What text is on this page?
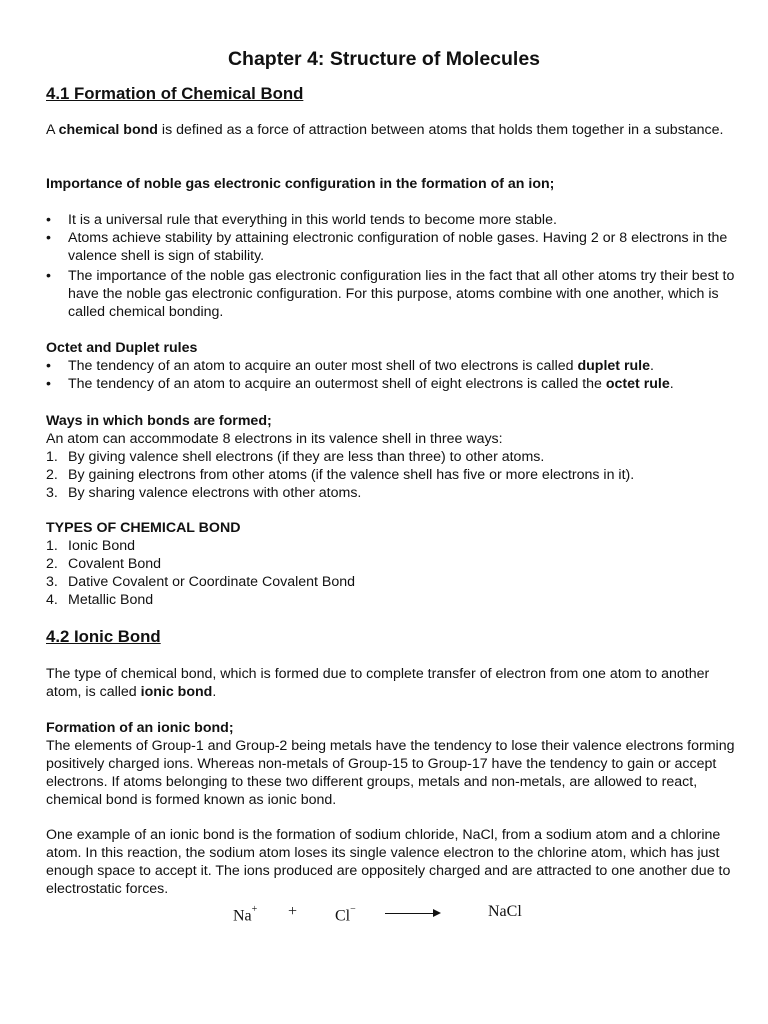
Chapter 4: Structure of Molecules
4.1 Formation of Chemical Bond
A chemical bond is defined as a force of attraction between atoms that holds them together in a substance.
Importance of noble gas electronic configuration in the formation of an ion;
• It is a universal rule that everything in this world tends to become more stable.
• Atoms achieve stability by attaining electronic configuration of noble gases. Having 2 or 8 electrons in the valence shell is sign of stability.
• The importance of the noble gas electronic configuration lies in the fact that all other atoms try their best to have the noble gas electronic configuration. For this purpose, atoms combine with one another, which is called chemical bonding.
Octet and Duplet rules
• The tendency of an atom to acquire an outer most shell of two electrons is called duplet rule.
• The tendency of an atom to acquire an outermost shell of eight electrons is called the octet rule.
Ways in which bonds are formed;
An atom can accommodate 8 electrons in its valence shell in three ways:
1. By giving valence shell electrons (if they are less than three) to other atoms.
2. By gaining electrons from other atoms (if the valence shell has five or more electrons in it).
3. By sharing valence electrons with other atoms.
TYPES OF CHEMICAL BOND
1. Ionic Bond
2. Covalent Bond
3. Dative Covalent or Coordinate Covalent Bond
4. Metallic Bond
4.2 Ionic Bond
The type of chemical bond, which is formed due to complete transfer of electron from one atom to another atom, is called ionic bond.
Formation of an ionic bond;
The elements of Group-1 and Group-2 being metals have the tendency to lose their valence electrons forming positively charged ions. Whereas non-metals of Group-15 to Group-17 have the tendency to gain or accept electrons. If atoms belonging to these two different groups, metals and non-metals, are allowed to react, chemical bond is formed known as ionic bond.
One example of an ionic bond is the formation of sodium chloride, NaCl, from a sodium atom and a chlorine atom. In this reaction, the sodium atom loses its single valence electron to the chlorine atom, which has just enough space to accept it. The ions produced are oppositely charged and are attracted to one another due to electrostatic forces.
Na+ + Cl−	NaCl
